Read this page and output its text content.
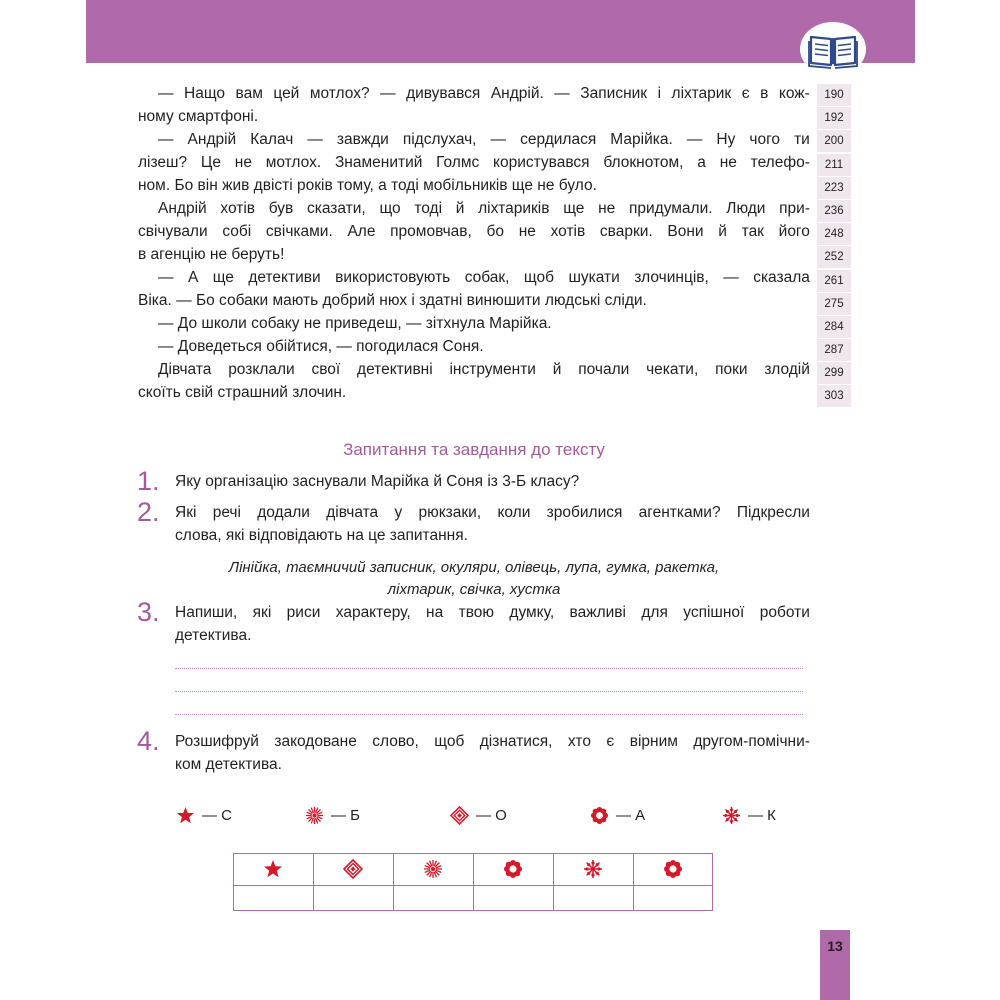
— Нащо вам цей мотлох? — дивувався Андрій. — Записник і ліхтарик є в кож-
ному смартфоні.
— Андрій Калач — завжди підслухач, — сердилася Марійка. — Ну чого ти
лізеш? Це не мотлох. Знаменитий Голмс користувався блокнотом, а не телефо-
ном. Бо він жив двісті років тому, а тоді мобільників ще не було.
Андрій хотів був сказати, що тоді й ліхтариків ще не придумали. Люди при-
свічували собі свічками. Але промовчав, бо не хотів сварки. Вони й так його
в агенцію не беруть!
— А ще детективи використовують собак, щоб шукати злочинців, — сказала
Віка. — Бо собаки мають добрий нюх і здатні винюшити людські сліди.
— До школи собаку не приведеш, — зітхнула Марійка.
— Доведеться обійтися, — погодилася Соня.
Дівчата розклали свої детективні інструменти й почали чекати, поки злодій
скоїть свій страшний злочин.
190
192
200
211
223
236
248
252
261
275
284
287
299
303
Запитання та завдання до тексту
1. Яку організацію заснували Марійка й Соня із 3-Б класу?
2. Які речі додали дівчата у рюкзаки, коли зробилися агентками? Підкресли
слова, які відповідають на це запитання.
Лінійка, таємничий записник, окуляри, олівець, лупа, гумка, ракетка,
ліхтарик, свічка, хустка
3. Напиши, які риси характеру, на твою думку, важливі для успішної роботи
детектива.
4. Розшифруй закодоване слово, щоб дізнатися, хто є вірним другом-помічни-
ком детектива.
— С	— Б	— О	— А	— К
13
